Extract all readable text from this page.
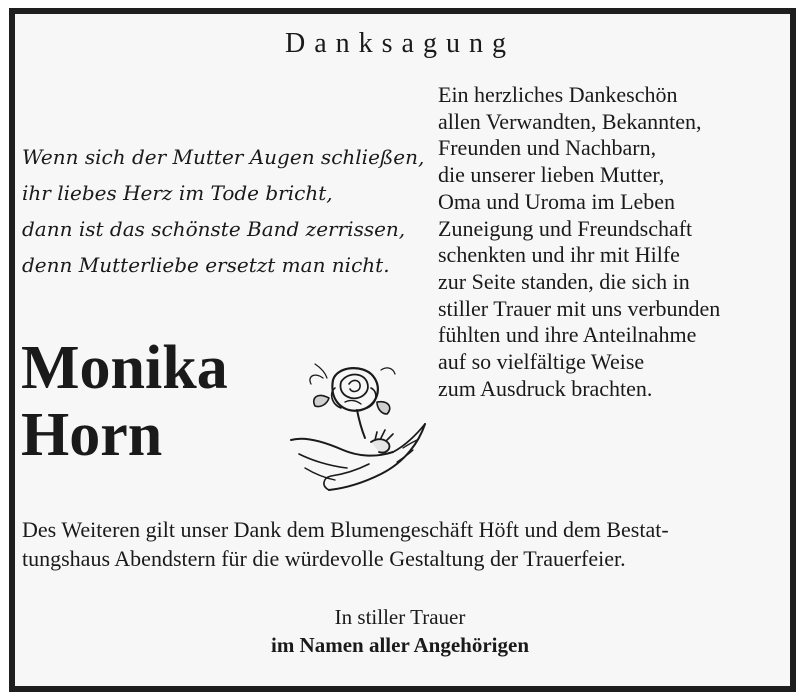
Danksagung
Wenn sich der Mutter Augen schließen,
ihr liebes Herz im Tode bricht,
dann ist das schönste Band zerrissen,
denn Mutterliebe ersetzt man nicht.
Monika
Horn
Ein herzliches Dankeschön
allen Verwandten, Bekannten,
Freunden und Nachbarn,
die unserer lieben Mutter,
Oma und Uroma im Leben
Zuneigung und Freundschaft
schenkten und ihr mit Hilfe
zur Seite standen, die sich in
stiller Trauer mit uns verbunden
fühlten und ihre Anteilnahme
auf so vielfältige Weise
zum Ausdruck brachten.
Des Weiteren gilt unser Dank dem Blumengeschäft Höft und dem Bestat-
tungshaus Abendstern für die würdevolle Gestaltung der Trauerfeier.
In stiller Trauer
im Namen aller Angehörigen
